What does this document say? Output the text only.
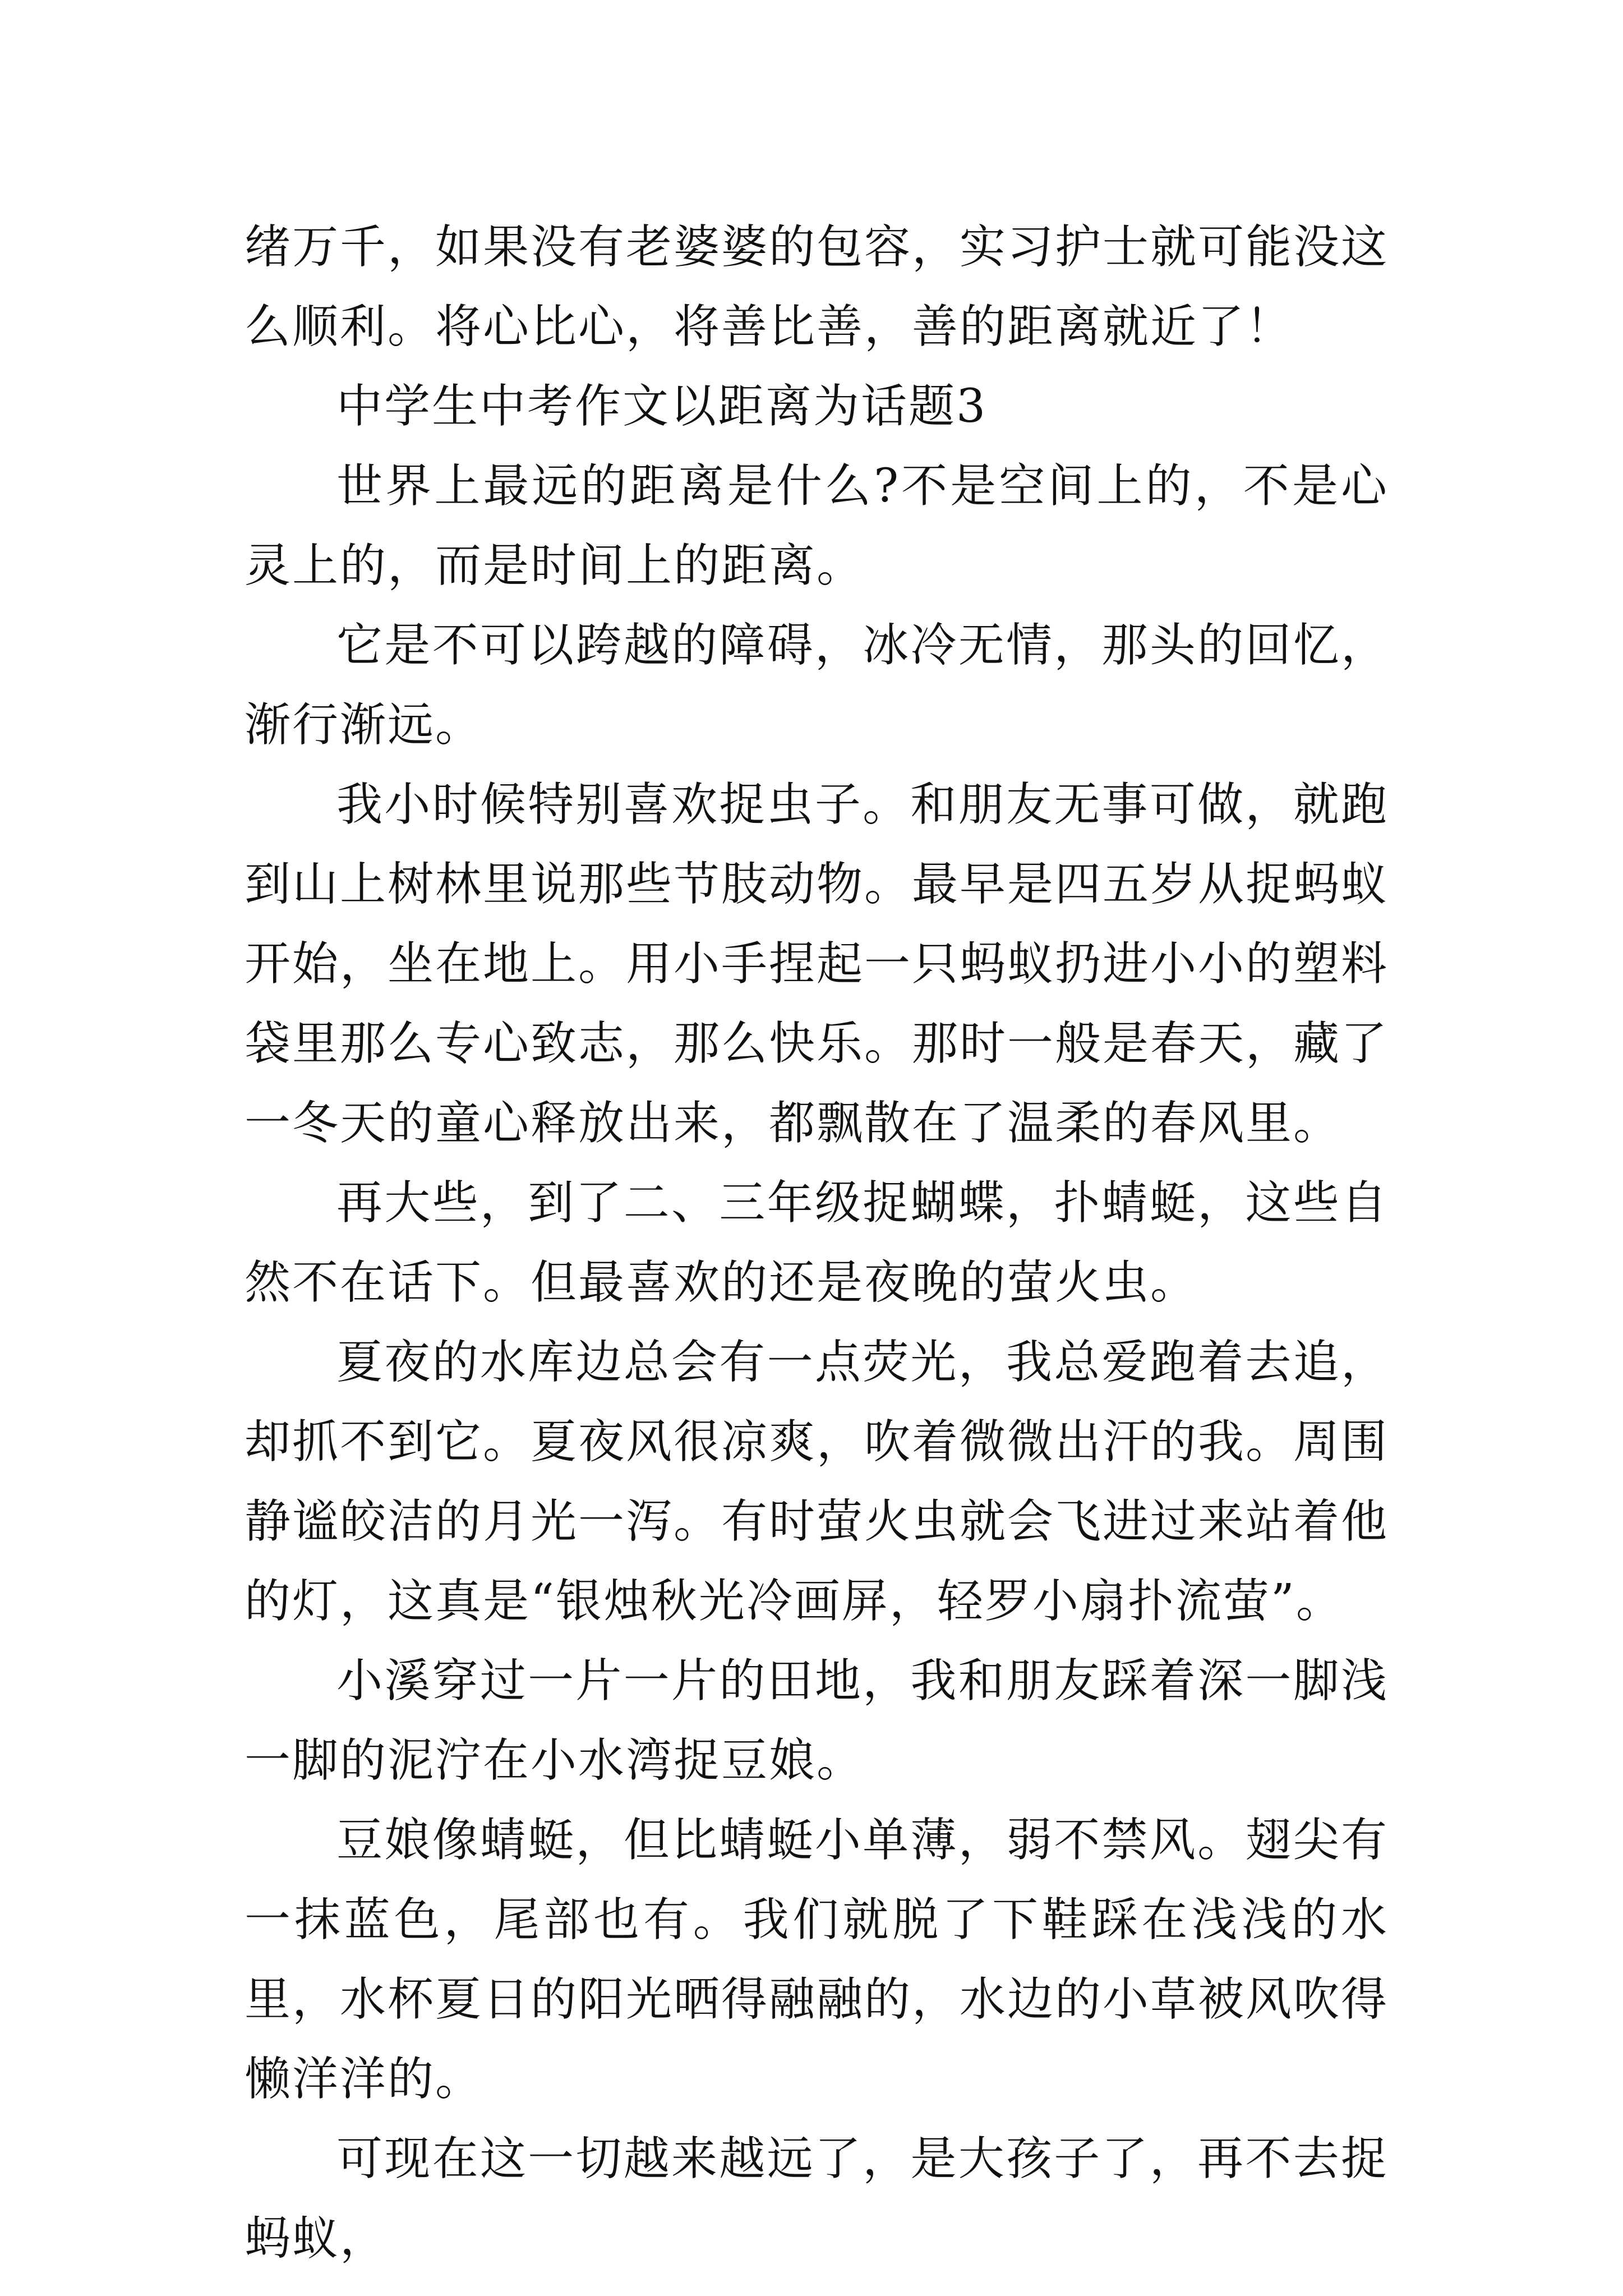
绪万千，如果没有老婆婆的包容，实习护士就可能没这么顺利。将心比心，将善比善，善的距离就近了！

中学生中考作文以距离为话题3

世界上最远的距离是什么?不是空间上的，不是心灵上的，而是时间上的距离。

它是不可以跨越的障碍，冰冷无情，那头的回忆，渐行渐远。

我小时候特别喜欢捉虫子。和朋友无事可做，就跑到山上树林里说那些节肢动物。最早是四五岁从捉蚂蚁开始，坐在地上。用小手捏起一只蚂蚁扔进小小的塑料袋里那么专心致志，那么快乐。那时一般是春天，藏了一冬天的童心释放出来，都飘散在了温柔的春风里。

再大些，到了二、三年级捉蝴蝶，扑蜻蜓，这些自然不在话下。但最喜欢的还是夜晚的萤火虫。

夏夜的水库边总会有一点荧光，我总爱跑着去追，却抓不到它。夏夜风很凉爽，吹着微微出汗的我。周围静谧皎洁的月光一泻。有时萤火虫就会飞进过来站着他的灯，这真是“银烛秋光冷画屏，轻罗小扇扑流萤”。

小溪穿过一片一片的田地，我和朋友踩着深一脚浅一脚的泥泞在小水湾捉豆娘。

豆娘像蜻蜓，但比蜻蜓小单薄，弱不禁风。翅尖有一抹蓝色，尾部也有。我们就脱了下鞋踩在浅浅的水里，水杯夏日的阳光晒得融融的，水边的小草被风吹得懒洋洋的。

可现在这一切越来越远了，是大孩子了，再不去捉蚂蚁，
